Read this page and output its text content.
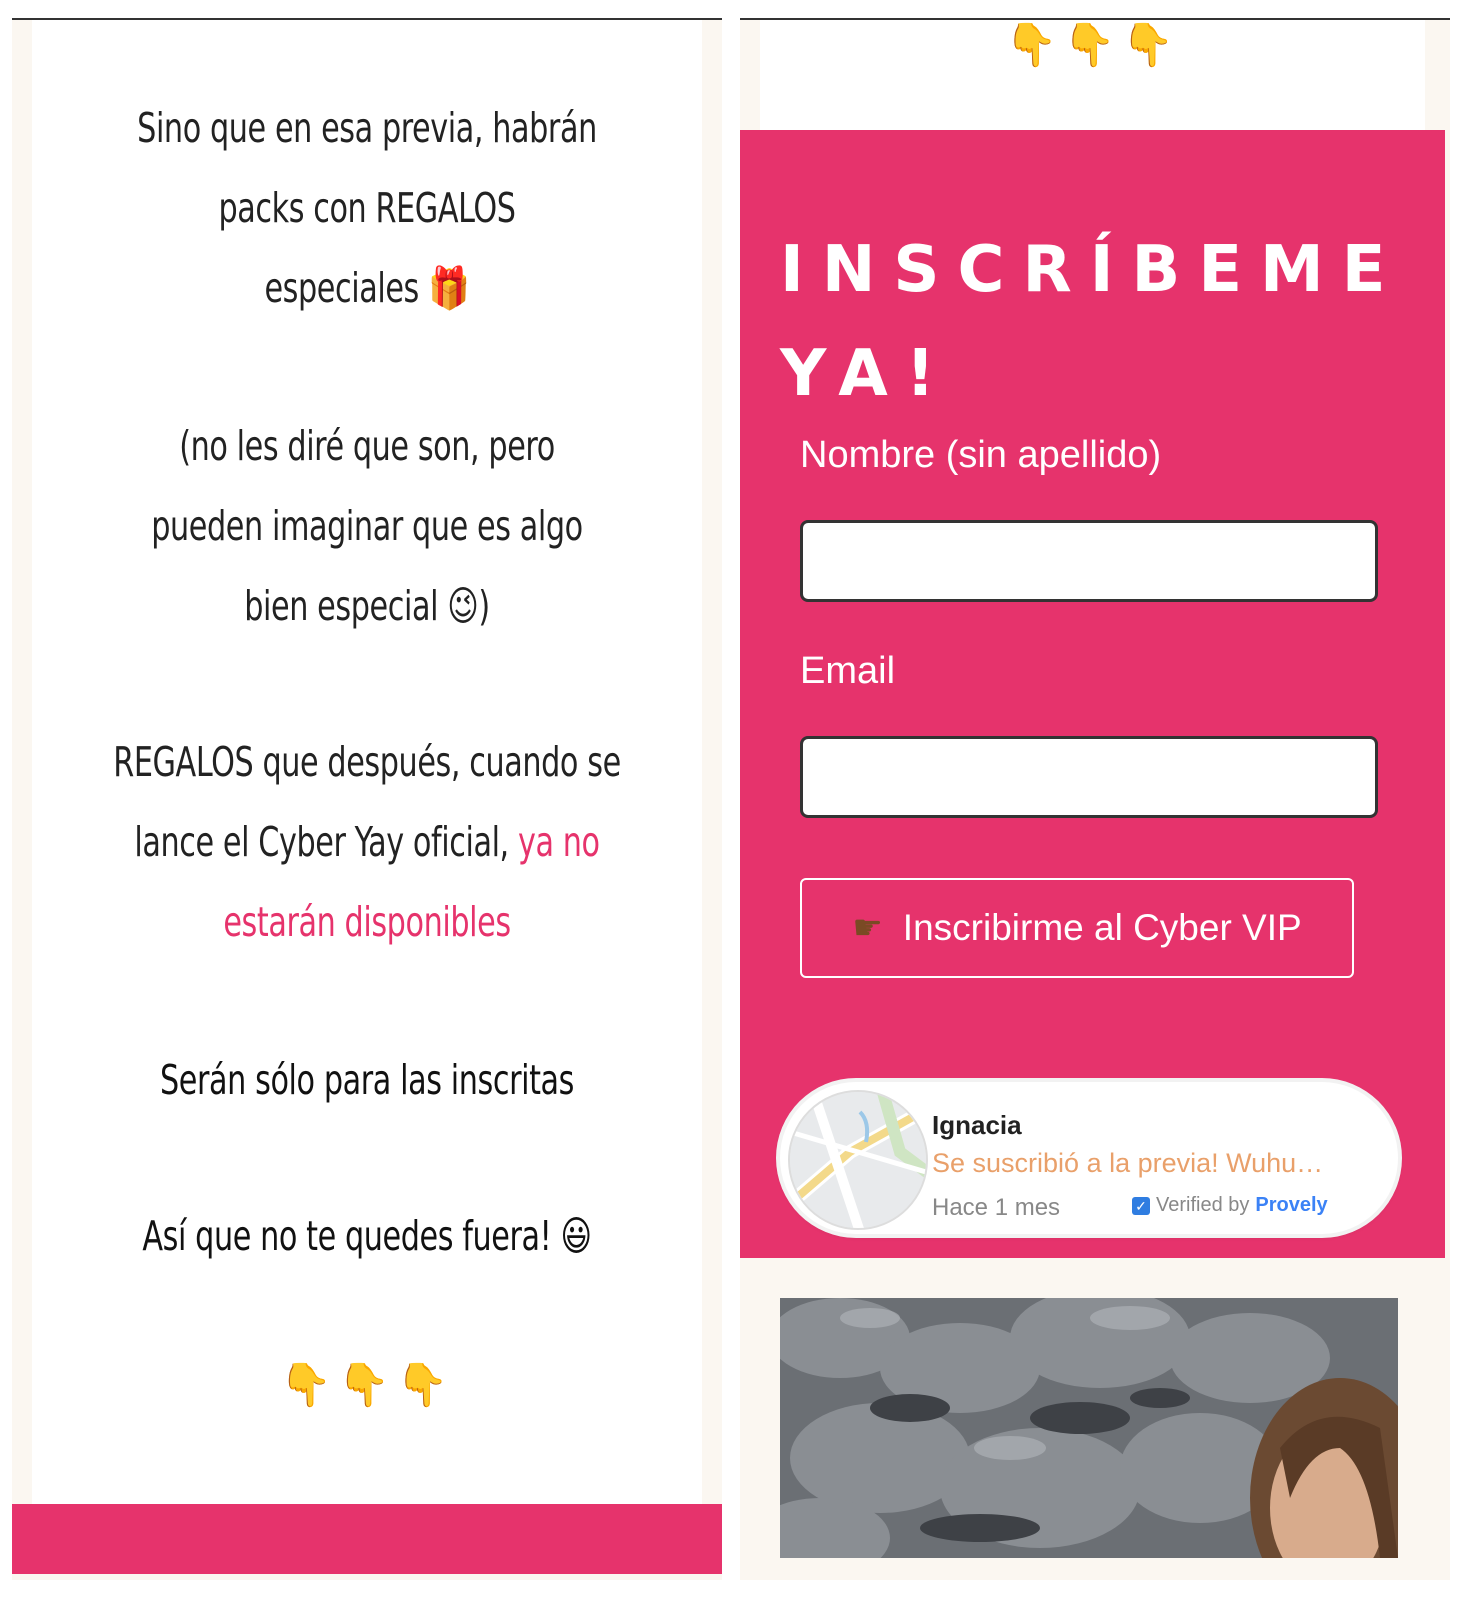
Sino que en esa previa, habrán
packs con REGALOS
especiales 🎁
(no les diré que son, pero
pueden imaginar que es algo
bien especial 😉)
REGALOS que después, cuando se
lance el Cyber Yay oficial, ya no
estarán disponibles
Serán sólo para las inscritas
Así que no te quedes fuera! 😃
👇👇👇
👇👇👇
INSCRÍBEME
YA!
Nombre (sin apellido)
Email
☛ Inscribirme al Cyber VIP
Ignacia
Se suscribió a la previa! Wuhu…
Hace 1 mes	✓ Verified by Provely
